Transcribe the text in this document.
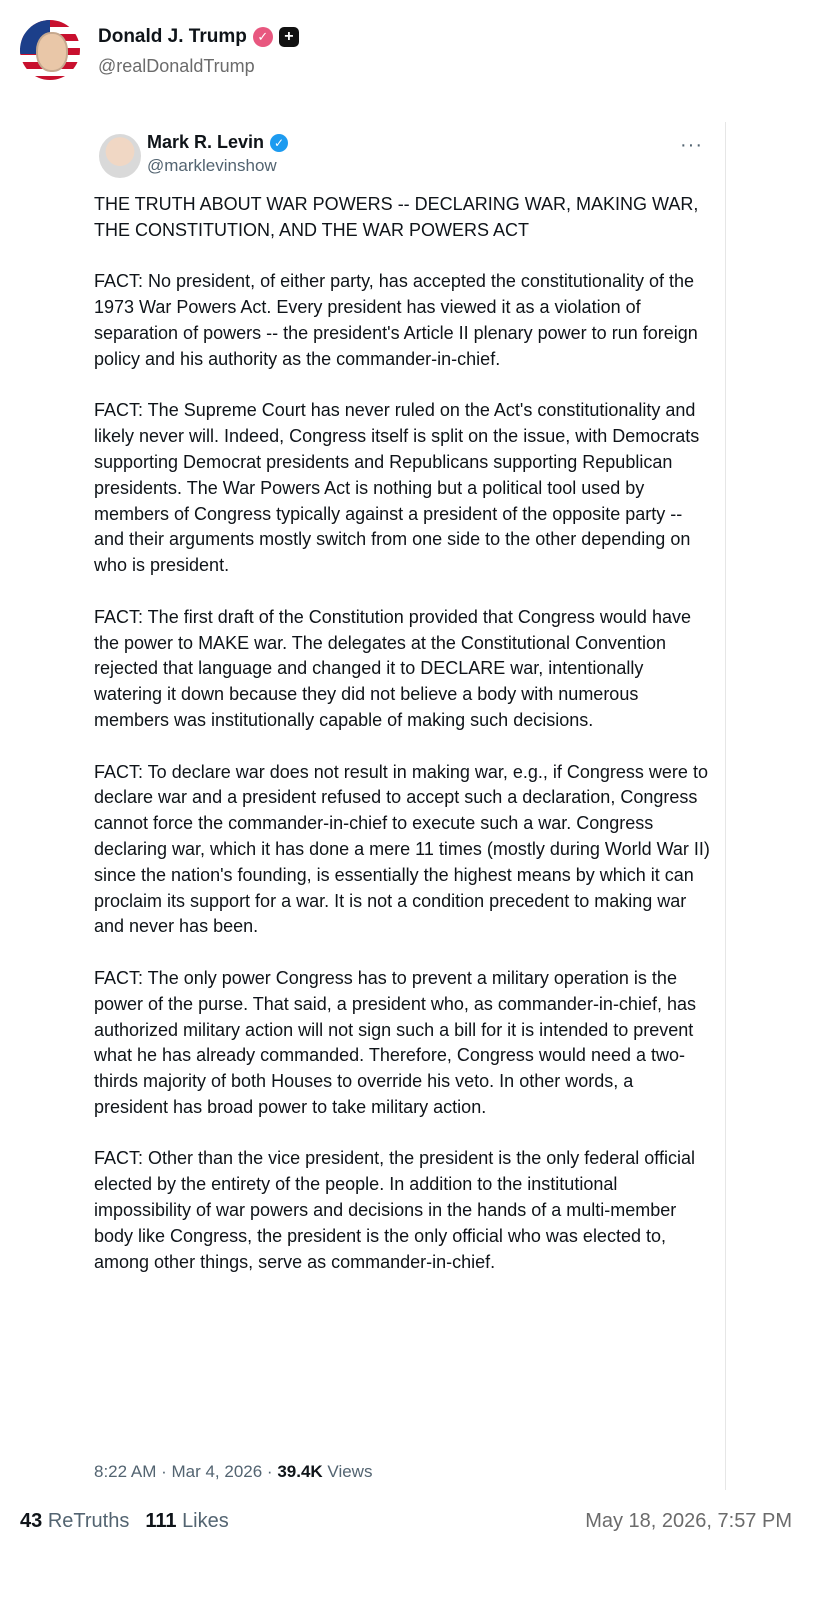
Donald J. Trump ✓ +
@realDonaldTrump
Mark R. Levin ✓
@marklevinshow
···

THE TRUTH ABOUT WAR POWERS -- DECLARING WAR, MAKING WAR, THE CONSTITUTION, AND THE WAR POWERS ACT

FACT: No president, of either party, has accepted the constitutionality of the 1973 War Powers Act. Every president has viewed it as a violation of separation of powers -- the president's Article II plenary power to run foreign policy and his authority as the commander-in-chief.

FACT: The Supreme Court has never ruled on the Act's constitutionality and likely never will. Indeed, Congress itself is split on the issue, with Democrats supporting Democrat presidents and Republicans supporting Republican presidents. The War Powers Act is nothing but a political tool used by members of Congress typically against a president of the opposite party -- and their arguments mostly switch from one side to the other depending on who is president.

FACT: The first draft of the Constitution provided that Congress would have the power to MAKE war. The delegates at the Constitutional Convention rejected that language and changed it to DECLARE war, intentionally watering it down because they did not believe a body with numerous members was institutionally capable of making such decisions.

FACT: To declare war does not result in making war, e.g., if Congress were to declare war and a president refused to accept such a declaration, Congress cannot force the commander-in-chief to execute such a war. Congress declaring war, which it has done a mere 11 times (mostly during World War II) since the nation's founding, is essentially the highest means by which it can proclaim its support for a war. It is not a condition precedent to making war and never has been.

FACT: The only power Congress has to prevent a military operation is the power of the purse. That said, a president who, as commander-in-chief, has authorized military action will not sign such a bill for it is intended to prevent what he has already commanded. Therefore, Congress would need a two-thirds majority of both Houses to override his veto. In other words, a president has broad power to take military action.

FACT: Other than the vice president, the president is the only federal official elected by the entirety of the people. In addition to the institutional impossibility of war powers and decisions in the hands of a multi-member body like Congress, the president is the only official who was elected to, among other things, serve as commander-in-chief.

8:22 AM · Mar 4, 2026 · 39.4K Views
43 ReTruths 111 Likes	May 18, 2026, 7:57 PM
